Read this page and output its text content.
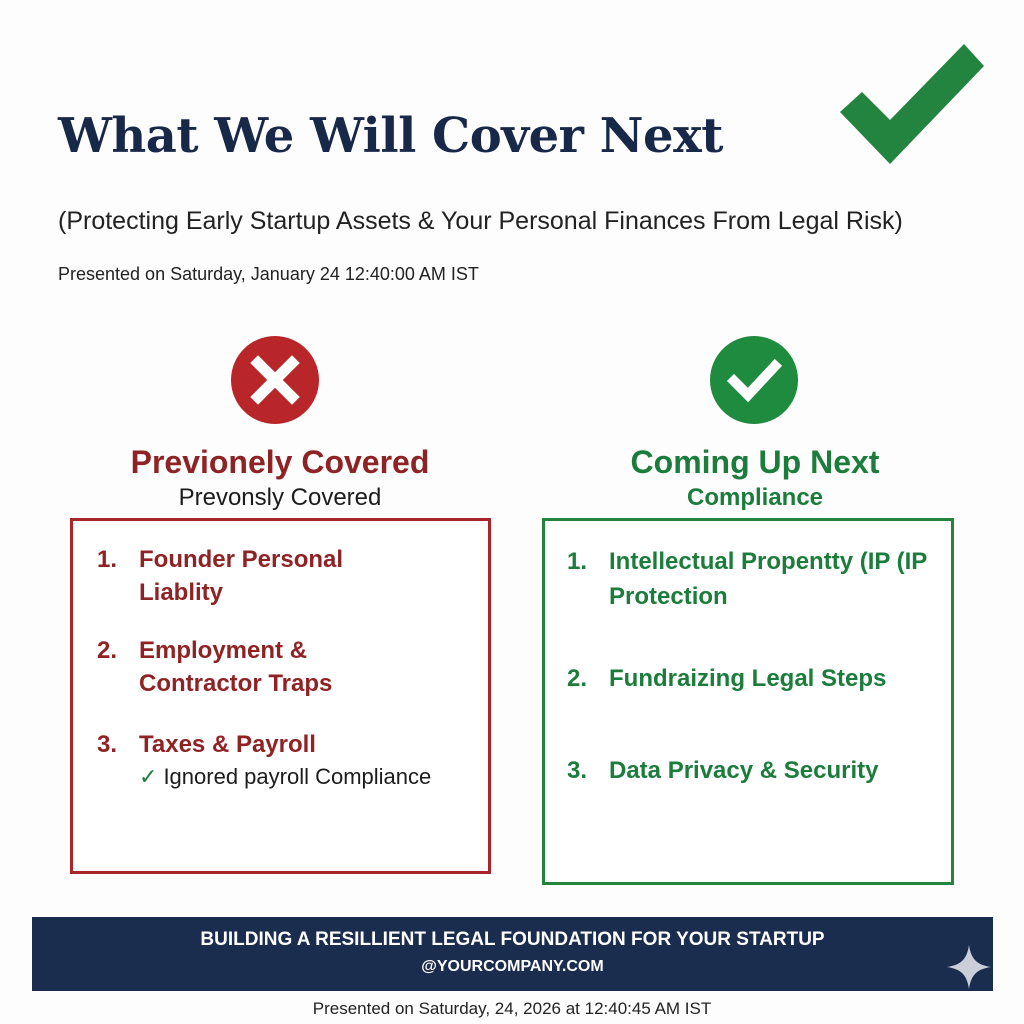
What We Will Cover Next
(Protecting Early Startup Assets & Your Personal Finances From Legal Risk)
Presented on Saturday, January 24 12:40:00 AM IST
Previonely Covered
Prevonsly Covered
Coming Up Next
Compliance
1. Founder Personal Liablity
2. Employment & Contractor Traps
3. Taxes & Payroll
✓ Ignored payroll Compliance
1. Intellectual Propentty (IP (IP Protection
2. Fundraizing Legal Steps
3. Data Privacy & Security
BUILDING A RESILLIENT LEGAL FOUNDATION FOR YOUR STARTUP
@YOURCOMPANY.COM
Presented on Saturday, 24, 2026 at 12:40:45 AM IST
